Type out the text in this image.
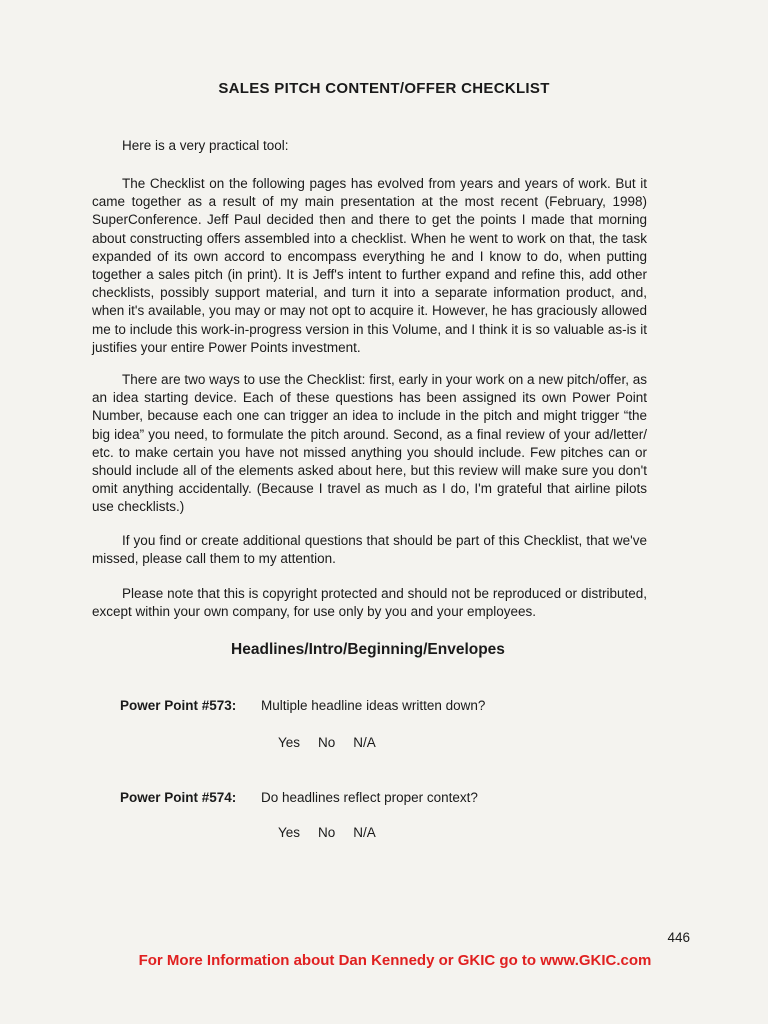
SALES PITCH CONTENT/OFFER CHECKLIST
Here is a very practical tool:

The Checklist on the following pages has evolved from years and years of work. But it came together as a result of my main presentation at the most recent (February, 1998) SuperConference. Jeff Paul decided then and there to get the points I made that morning about constructing offers assembled into a checklist. When he went to work on that, the task expanded of its own accord to encompass everything he and I know to do, when putting together a sales pitch (in print). It is Jeff's intent to further expand and refine this, add other checklists, possibly support material, and turn it into a separate information product, and, when it's available, you may or may not opt to acquire it. However, he has graciously allowed me to include this work-in-progress version in this Volume, and I think it is so valuable as-is it justifies your entire Power Points investment.

There are two ways to use the Checklist: first, early in your work on a new pitch/offer, as an idea starting device. Each of these questions has been assigned its own Power Point Number, because each one can trigger an idea to include in the pitch and might trigger “the big idea” you need, to formulate the pitch around. Second, as a final review of your ad/letter/ etc. to make certain you have not missed anything you should include. Few pitches can or should include all of the elements asked about here, but this review will make sure you don't omit anything accidentally. (Because I travel as much as I do, I'm grateful that airline pilots use checklists.)

If you find or create additional questions that should be part of this Checklist, that we've missed, please call them to my attention.

Please note that this is copyright protected and should not be reproduced or distributed, except within your own company, for use only by you and your employees.

Headlines/Intro/Beginning/Envelopes
Power Point #573: Multiple headline ideas written down?
Yes No N/A
Power Point #574: Do headlines reflect proper context?
Yes No N/A
446
For More Information about Dan Kennedy or GKIC go to www.GKIC.com
